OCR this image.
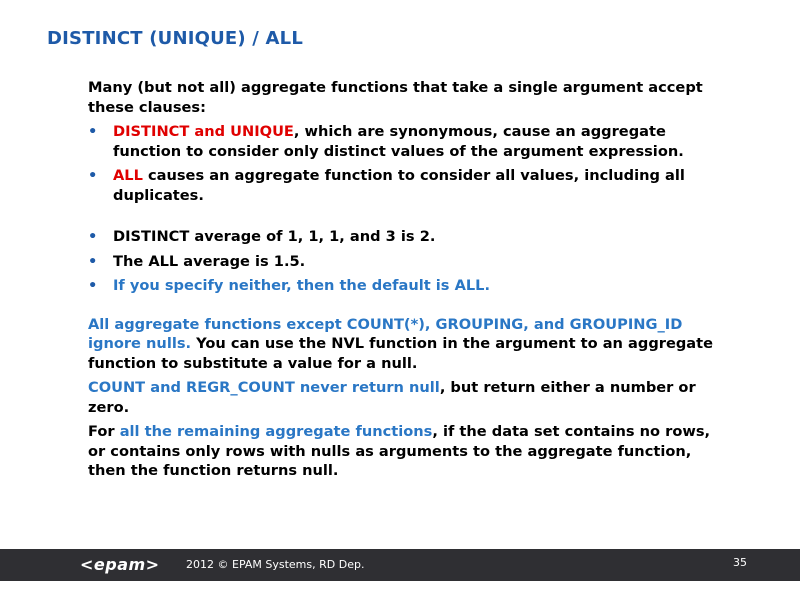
DISTINCT (UNIQUE) / ALL

Many (but not all) aggregate functions that take a single argument accept these clauses:

• DISTINCT and UNIQUE, which are synonymous, cause an aggregate function to consider only distinct values of the argument expression.
• ALL causes an aggregate function to consider all values, including all duplicates.
• DISTINCT average of 1, 1, 1, and 3 is 2.
• The ALL average is 1.5.
• If you specify neither, then the default is ALL.

All aggregate functions except COUNT(*), GROUPING, and GROUPING_ID ignore nulls. You can use the NVL function in the argument to an aggregate function to substitute a value for a null.

COUNT and REGR_COUNT never return null, but return either a number or zero.

For all the remaining aggregate functions, if the data set contains no rows, or contains only rows with nulls as arguments to the aggregate function, then the function returns null.

<epam> 2012 © EPAM Systems, RD Dep.	35
